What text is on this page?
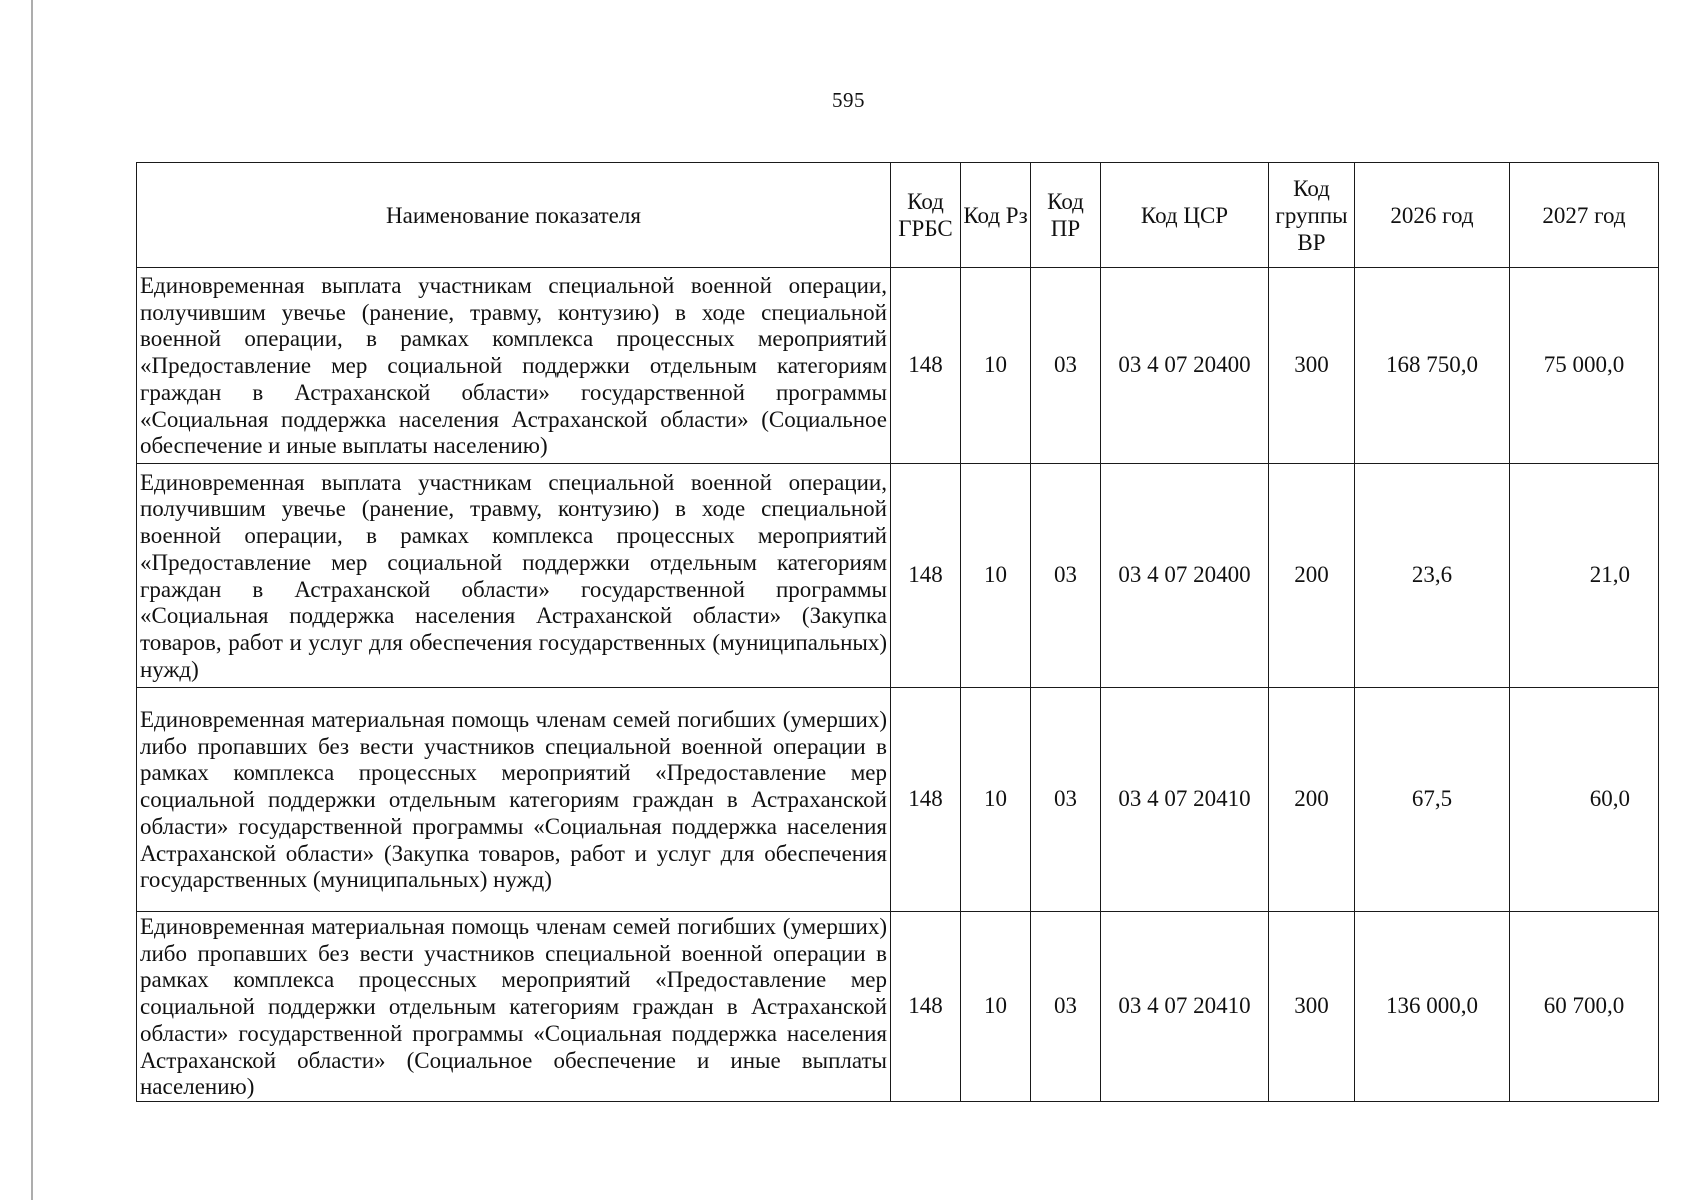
595
Наименование показателя	Код ГРБС	Код Рз	Код ПР	Код ЦСР	Код группы ВР	2026 год	2027 год
Единовременная выплата участникам специальной военной операции, получившим увечье (ранение, травму, контузию) в ходе специальной военной операции, в рамках комплекса процессных мероприятий «Предоставление мер социальной поддержки отдельным категориям граждан в Астраханской области» государственной программы «Социальная поддержка населения Астраханской области» (Социальное обеспечение и иные выплаты населению)	148	10	03	03 4 07 20400	300	168 750,0	75 000,0
Единовременная выплата участникам специальной военной операции, получившим увечье (ранение, травму, контузию) в ходе специальной военной операции, в рамках комплекса процессных мероприятий «Предоставление мер социальной поддержки отдельным категориям граждан в Астраханской области» государственной программы «Социальная поддержка населения Астраханской области» (Закупка товаров, работ и услуг для обеспечения государственных (муниципальных) нужд)	148	10	03	03 4 07 20400	200	23,6	21,0
Единовременная материальная помощь членам семей погибших (умерших) либо пропавших без вести участников специальной военной операции в рамках комплекса процессных мероприятий «Предоставление мер социальной поддержки отдельным категориям граждан в Астраханской области» государственной программы «Социальная поддержка населения Астраханской области» (Закупка товаров, работ и услуг для обеспечения государственных (муниципальных) нужд)	148	10	03	03 4 07 20410	200	67,5	60,0
Единовременная материальная помощь членам семей погибших (умерших) либо пропавших без вести участников специальной военной операции в рамках комплекса процессных мероприятий «Предоставление мер социальной поддержки отдельным категориям граждан в Астраханской области» государственной программы «Социальная поддержка населения Астраханской области» (Социальное обеспечение и иные выплаты населению)	148	10	03	03 4 07 20410	300	136 000,0	60 700,0
